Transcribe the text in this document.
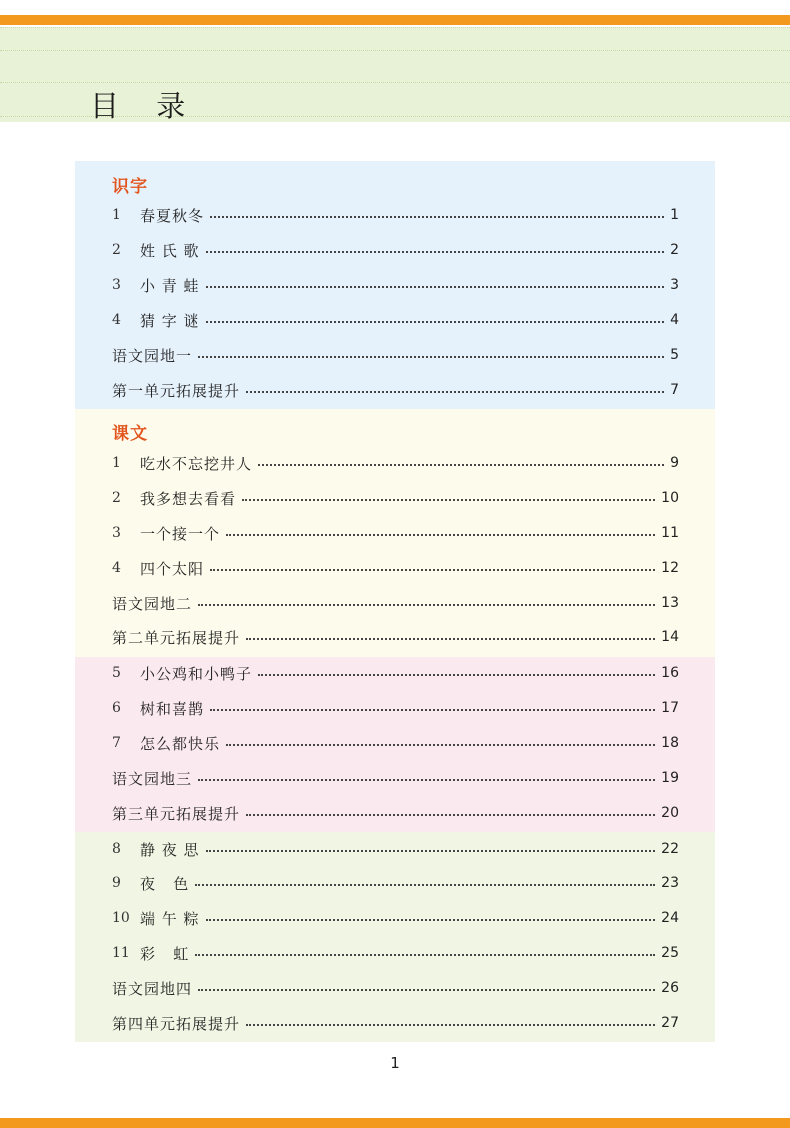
目 录
识字
1	春夏秋冬	1
2	姓 氏 歌	2
3	小 青 蛙	3
4	猜 字 谜	4
语文园地一	5
第一单元拓展提升	7
课文
1	吃水不忘挖井人	9
2	我多想去看看	10
3	一个接一个	11
4	四个太阳	12
语文园地二	13
第二单元拓展提升	14
5	小公鸡和小鸭子	16
6	树和喜鹊	17
7	怎么都快乐	18
语文园地三	19
第三单元拓展提升	20
8	静 夜 思	22
9	夜   色	23
10 端 午 粽	24
11 彩   虹	25
语文园地四	26
第四单元拓展提升	27
1
